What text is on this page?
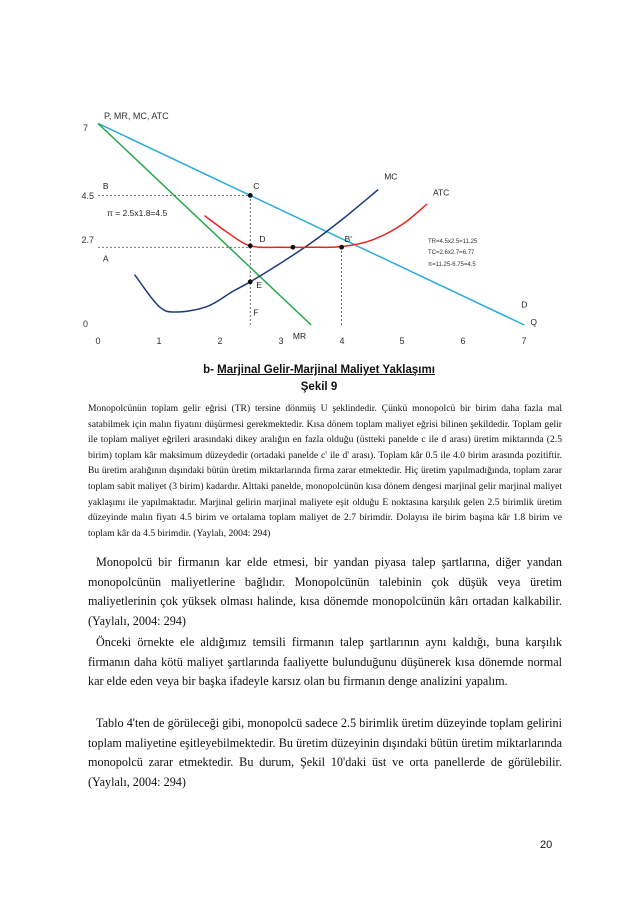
P, MR, MC, ATC
0
2.7
4.5
7
0	1	2	3	4	5	6	7
B	C
D	B'
A
E
F
D
Q
MC
ATC
MR
π = 2.5x1.8=4.5
TR=4.5x2.5=11.25
TC=2.6x2.7=6.77
π=11.25-6.75=4.5
b- Marjinal Gelir-Marjinal Maliyet Yaklaşımı
Şekil 9

Monopolcünün toplam gelir eğrisi (TR) tersine dönmüş U şeklindedir. Çünkü monopolcü bir birim daha fazla mal satabilmek için malın fiyatını düşürmesi gerekmektedir. Kısa dönem toplam maliyet eğrisi bilinen şekildedir. Toplam gelir ile toplam maliyet eğrileri arasındaki dikey aralığın en fazla olduğu (üstteki panelde c ile d arası) üretim miktarında (2.5 birim) toplam kâr maksimum düzeydedir (ortadaki panelde c' ile d' arası). Toplam kâr 0.5 ile 4.0 birim arasında pozitiftir. Bu üretim aralığının dışındaki bütün üretim miktarlarında firma zarar etmektedir. Hiç üretim yapılmadığında, toplam zarar toplam sabit maliyet (3 birim) kadardır. Alttaki panelde, monopolcünün kısa dönem dengesi marjinal gelir marjinal maliyet yaklaşımı ile yapılmaktadır. Marjinal gelirin marjinal maliyete eşit olduğu E noktasına karşılık gelen 2.5 birimlik üretim düzeyinde malın fiyatı 4.5 birim ve ortalama toplam maliyet de 2.7 birimdir. Dolayısı ile birim başına kâr 1.8 birim ve toplam kâr da 4.5 birimdir. (Yaylalı, 2004: 294)

Monopolcü bir firmanın kar elde etmesi, bir yandan piyasa talep şartlarına, diğer yandan monopolcünün maliyetlerine bağlıdır. Monopolcünün talebinin çok düşük veya üretim maliyetlerinin çok yüksek olması halinde, kısa dönemde monopolcünün kârı ortadan kalkabilir. (Yaylalı, 2004: 294)

Önceki örnekte ele aldığımız temsili firmanın talep şartlarının aynı kaldığı, buna karşılık firmanın daha kötü maliyet şartlarında faaliyette bulunduğunu düşünerek kısa dönemde normal kar elde eden veya bir başka ifadeyle karsız olan bu firmanın denge analizini yapalım.

Tablo 4'ten de görüleceği gibi, monopolcü sadece 2.5 birimlik üretim düzeyinde toplam gelirini toplam maliyetine eşitleyebilmektedir. Bu üretim düzeyinin dışındaki bütün üretim miktarlarında monopolcü zarar etmektedir. Bu durum, Şekil 10'daki üst ve orta panellerde de görülebilir. (Yaylalı, 2004: 294)

20
